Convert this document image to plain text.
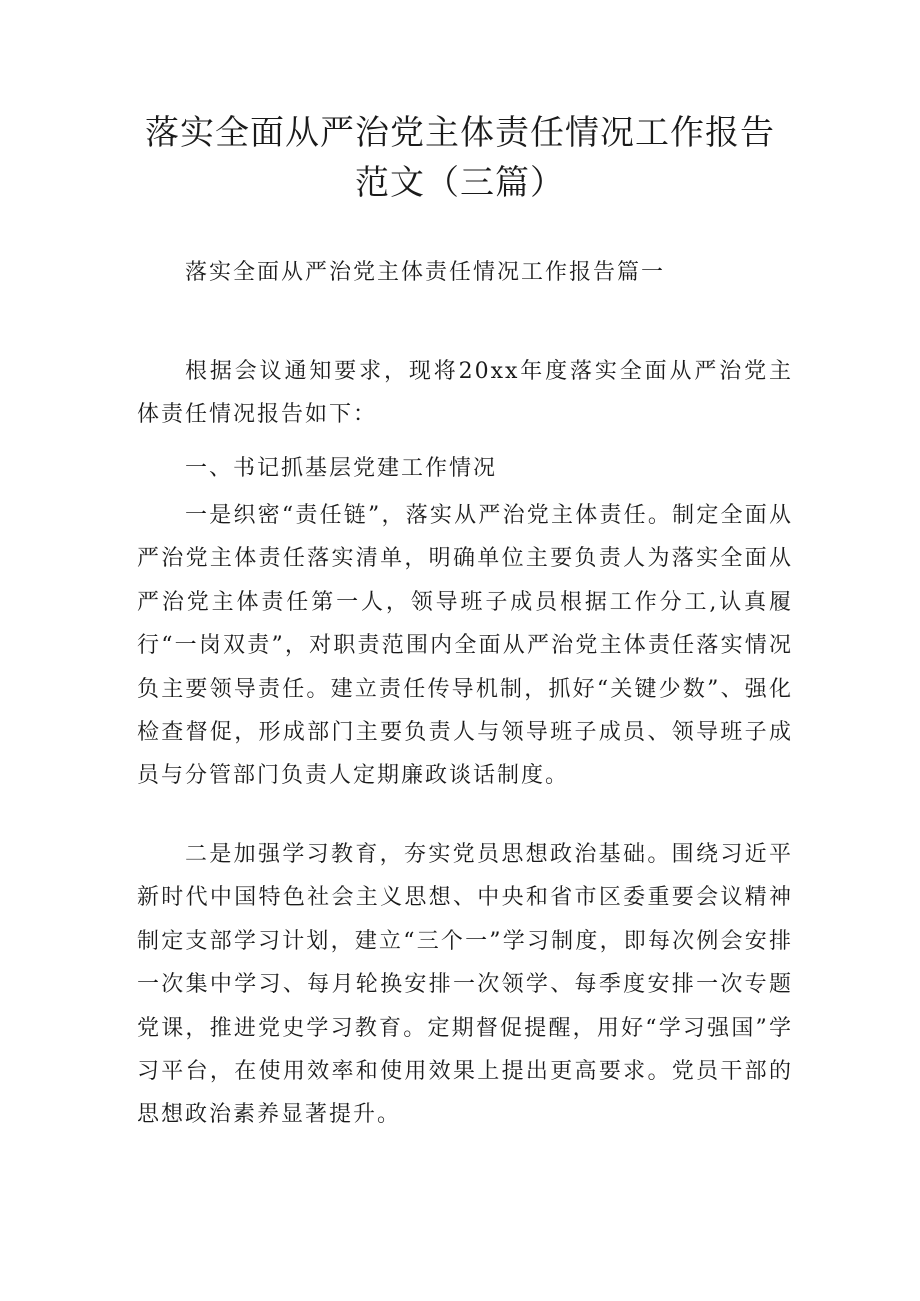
落实全面从严治党主体责任情况工作报告
范文（三篇）
落实全面从严治党主体责任情况工作报告篇一

根据会议通知要求，现将20xx年度落实全面从严治党主体责任情况报告如下：

一、书记抓基层党建工作情况

一是织密“责任链”，落实从严治党主体责任。制定全面从严治党主体责任落实清单，明确单位主要负责人为落实全面从严治党主体责任第一人，领导班子成员根据工作分工,认真履行“一岗双责”，对职责范围内全面从严治党主体责任落实情况负主要领导责任。建立责任传导机制，抓好“关键少数”、强化检查督促，形成部门主要负责人与领导班子成员、领导班子成员与分管部门负责人定期廉政谈话制度。

二是加强学习教育，夯实党员思想政治基础。围绕习近平新时代中国特色社会主义思想、中央和省市区委重要会议精神制定支部学习计划，建立“三个一”学习制度，即每次例会安排一次集中学习、每月轮换安排一次领学、每季度安排一次专题党课，推进党史学习教育。定期督促提醒，用好“学习强国”学习平台，在使用效率和使用效果上提出更高要求。党员干部的思想政治素养显著提升。
